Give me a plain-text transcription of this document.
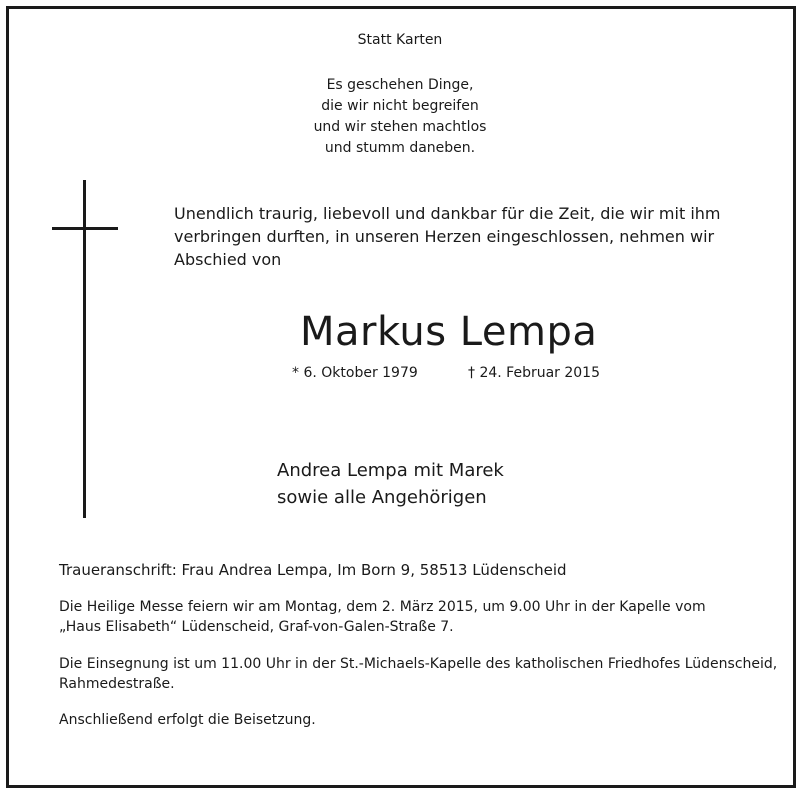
Statt Karten
Es geschehen Dinge,
die wir nicht begreifen
und wir stehen machtlos
und stumm daneben.
Unendlich traurig, liebevoll und dankbar für die Zeit, die wir mit ihm
verbringen durften, in unseren Herzen eingeschlossen, nehmen wir
Abschied von
Markus Lempa
* 6. Oktober 1979	† 24. Februar 2015
Andrea Lempa mit Marek
sowie alle Angehörigen
Traueranschrift: Frau Andrea Lempa, Im Born 9, 58513 Lüdenscheid
Die Heilige Messe feiern wir am Montag, dem 2. März 2015, um 9.00 Uhr in der Kapelle vom
„Haus Elisabeth“ Lüdenscheid, Graf-von-Galen-Straße 7.
Die Einsegnung ist um 11.00 Uhr in der St.-Michaels-Kapelle des katholischen Friedhofes Lüdenscheid,
Rahmedestraße.
Anschließend erfolgt die Beisetzung.
